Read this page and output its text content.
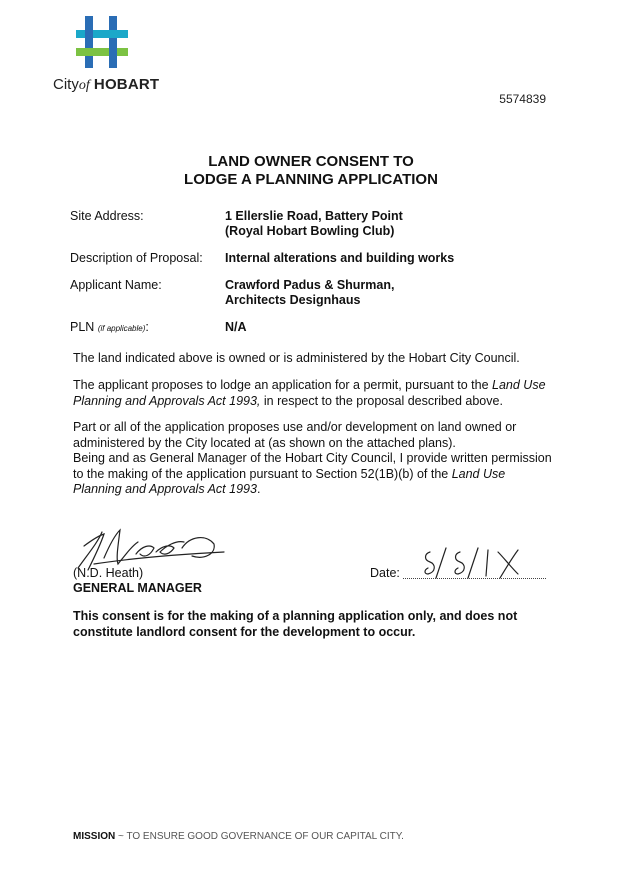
Cityof HOBART
5574839
LAND OWNER CONSENT TO
LODGE A PLANNING APPLICATION
Site Address:	1 Ellerslie Road, Battery Point
(Royal Hobart Bowling Club)
Description of Proposal: Internal alterations and building works
Applicant Name:	Crawford Padus & Shurman,
Architects Designhaus
PLN (if applicable):	N/A
The land indicated above is owned or is administered by the Hobart City Council.
The applicant proposes to lodge an application for a permit, pursuant to the Land Use Planning and Approvals Act 1993, in respect to the proposal described above.
Part or all of the application proposes use and/or development on land owned or administered by the City located at (as shown on the attached plans).
Being and as General Manager of the Hobart City Council, I provide written permission to the making of the application pursuant to Section 52(1B)(b) of the Land Use Planning and Approvals Act 1993.
(N.D. Heath)
GENERAL MANAGER
Date:
8/8/18
This consent is for the making of a planning application only, and does not constitute landlord consent for the development to occur.
MISSION ~ TO ENSURE GOOD GOVERNANCE OF OUR CAPITAL CITY.
